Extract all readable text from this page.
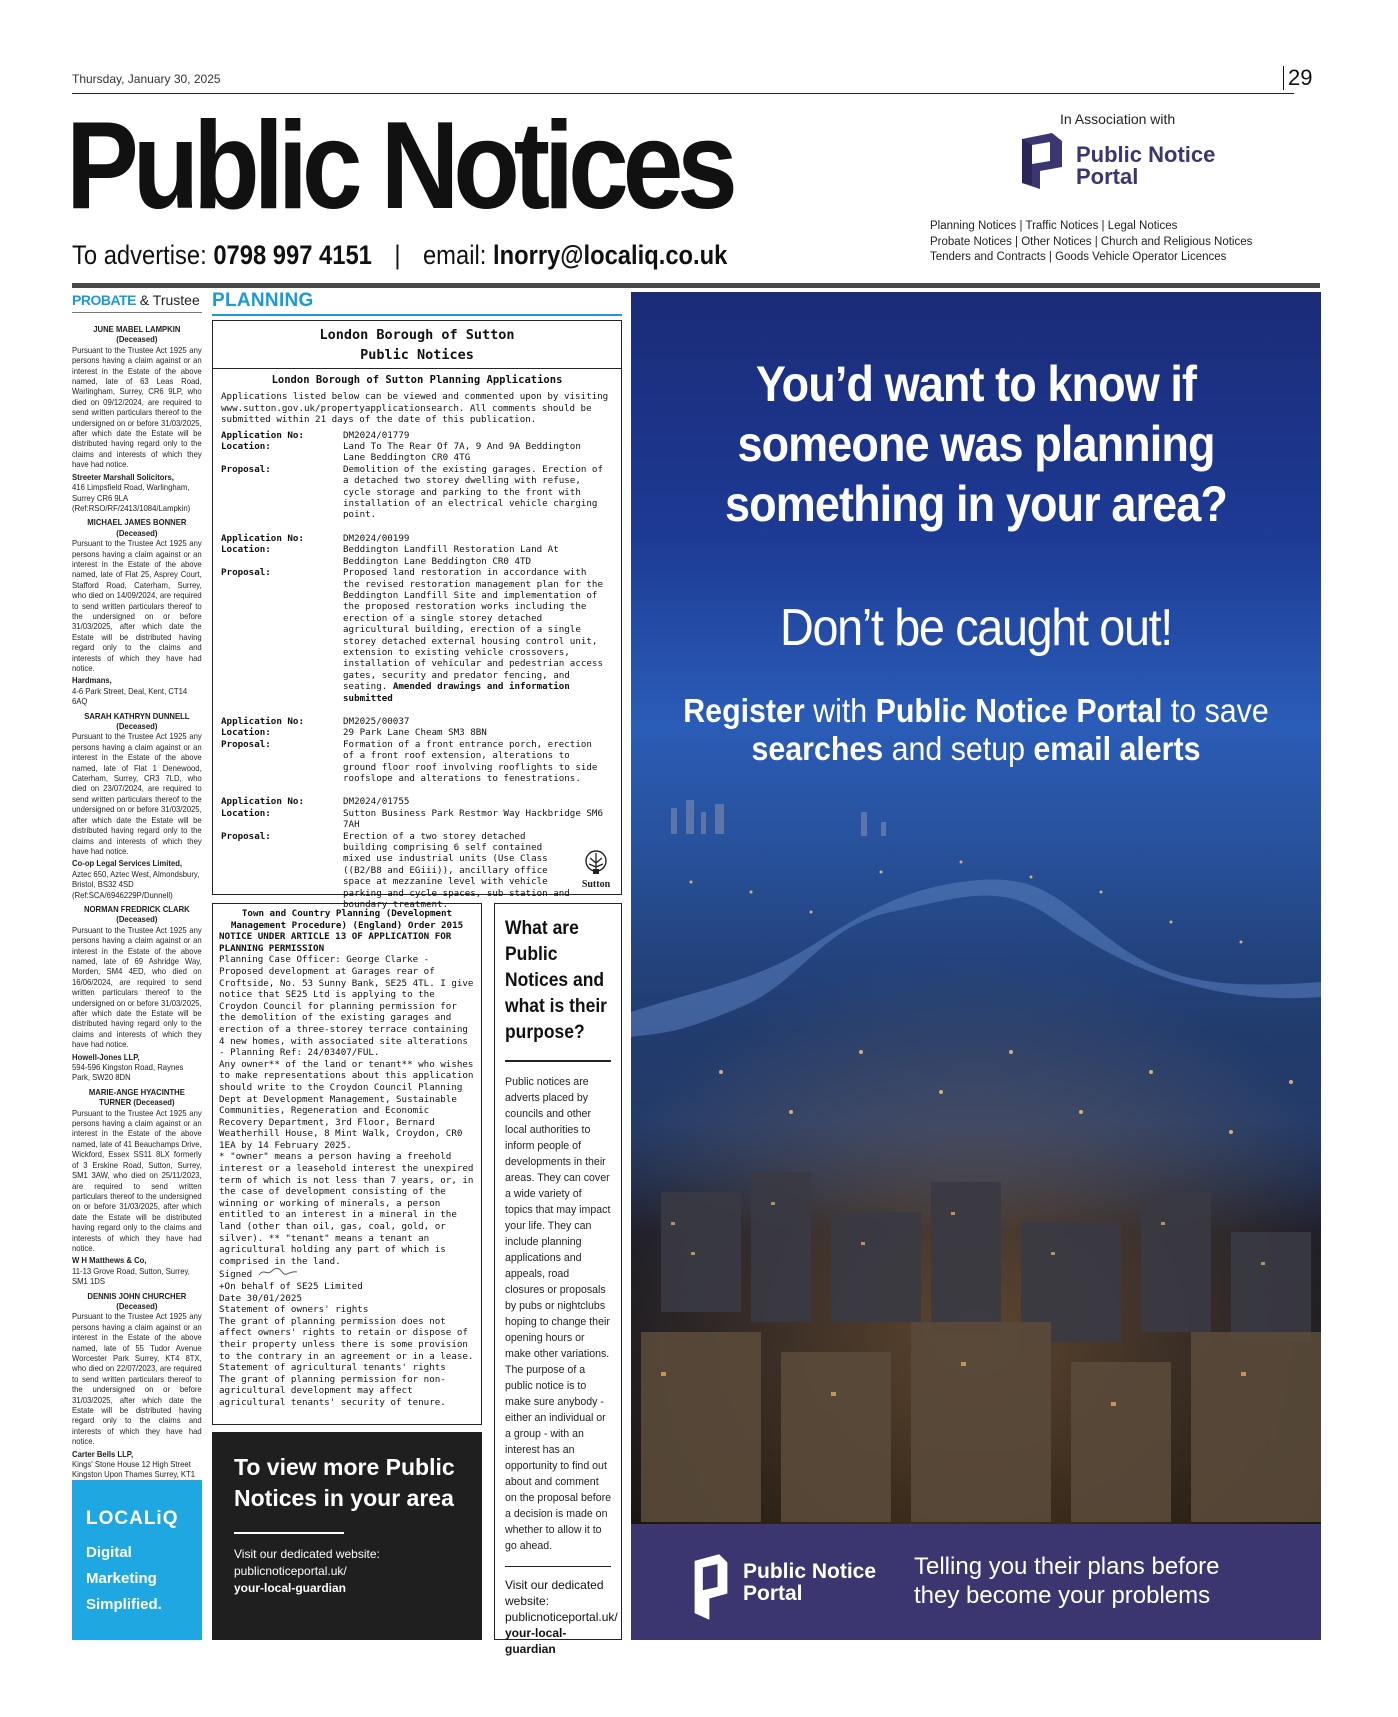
Thursday, January 30, 2025	29
Public Notices
To advertise: 0798 997 4151 | email: lnorry@localiq.co.uk
In Association with
Public Notice
Portal
Planning Notices | Traffic Notices | Legal Notices
Probate Notices | Other Notices | Church and Religious Notices
Tenders and Contracts | Goods Vehicle Operator Licences
PROBATE & Trustee
JUNE MABEL LAMPKIN (Deceased)
Pursuant to the Trustee Act 1925 any persons having a claim against or an interest in the Estate of the above named, late of 63 Leas Road, Warlingham, Surrey, CR6 9LP, who died on 09/12/2024, are required to send written particulars thereof to the undersigned on or before 31/03/2025, after which date the Estate will be distributed having regard only to the claims and interests of which they have had notice.
Streeter Marshall Solicitors,
416 Limpsfield Road, Warlingham, Surrey CR6 9LA (Ref:RSO/RF/2413/1084/Lampkin)
MICHAEL JAMES BONNER (Deceased)
Pursuant to the Trustee Act 1925 any persons having a claim against or an interest in the Estate of the above named, late of Flat 25, Asprey Court, Stafford Road, Caterham, Surrey, who died on 14/09/2024, are required to send written particulars thereof to the undersigned on or before 31/03/2025, after which date the Estate will be distributed having regard only to the claims and interests of which they have had notice.
Hardmans,
4-6 Park Street, Deal, Kent, CT14 6AQ
SARAH KATHRYN DUNNELL (Deceased)
Pursuant to the Trustee Act 1925 any persons having a claim against or an interest in the Estate of the above named, late of Flat 1 Denewood, Caterham, Surrey, CR3 7LD, who died on 23/07/2024, are required to send written particulars thereof to the undersigned on or before 31/03/2025, after which date the Estate will be distributed having regard only to the claims and interests of which they have had notice.
Co-op Legal Services Limited,
Aztec 650, Aztec West, Almondsbury, Bristol, BS32 4SD (Ref:SCA/6946229P/Dunnell)
NORMAN FREDRICK CLARK (Deceased)
Pursuant to the Trustee Act 1925 any persons having a claim against or an interest in the Estate of the above named, late of 69 Ashridge Way, Morden, SM4 4ED, who died on 16/06/2024, are required to send written particulars thereof to the undersigned on or before 31/03/2025, after which date the Estate will be distributed having regard only to the claims and interests of which they have had notice.
Howell-Jones LLP,
594-596 Kingston Road, Raynes Park, SW20 8DN
MARIE-ANGE HYACINTHE TURNER (Deceased)
Pursuant to the Trustee Act 1925 any persons having a claim against or an interest in the Estate of the above named, late of 41 Beauchamps Drive, Wickford, Essex SS11 8LX formerly of 3 Erskine Road, Sutton, Surrey, SM1 3AW, who died on 25/11/2023, are required to send written particulars thereof to the undersigned on or before 31/03/2025, after which date the Estate will be distributed having regard only to the claims and interests of which they have had notice.
W H Matthews & Co,
11-13 Grove Road, Sutton, Surrey, SM1 1DS
DENNIS JOHN CHURCHER (Deceased)
Pursuant to the Trustee Act 1925 any persons having a claim against or an interest in the Estate of the above named, late of 55 Tudor Avenue Worcester Park Surrey, KT4 8TX, who died on 22/07/2023, are required to send written particulars thereof to the undersigned on or before 31/03/2025, after which date the Estate will be distributed having regard only to the claims and interests of which they have had notice.
Carter Bells LLP,
Kings' Stone House 12 High Street Kingston Upon Thames Surrey, KT1
LOCALiQ
Digital
Marketing
Simplified.
PLANNING
London Borough of Sutton
Public Notices
London Borough of Sutton Planning Applications
Applications listed below can be viewed and commented upon by visiting www.sutton.gov.uk/propertyapplicationsearch. All comments should be submitted within 21 days of the date of this publication.
Application No:	DM2024/01779
Location:	Land To The Rear Of 7A, 9 And 9A Beddington Lane Beddington CR0 4TG
Proposal:	Demolition of the existing garages. Erection of a detached two storey dwelling with refuse, cycle storage and parking to the front with installation of an electrical vehicle charging point.
Application No:	DM2024/00199
Location:	Beddington Landfill Restoration Land At Beddington Lane Beddington CR0 4TD
Proposal:	Proposed land restoration in accordance with the revised restoration management plan for the Beddington Landfill Site and implementation of the proposed restoration works including the erection of a single storey detached agricultural building, erection of a single storey detached external housing control unit, extension to existing vehicle crossovers, installation of vehicular and pedestrian access gates, security and predator fencing, and seating. Amended drawings and information submitted
Application No:	DM2025/00037
Location:	29 Park Lane Cheam SM3 8BN
Proposal:	Formation of a front entrance porch, erection of a front roof extension, alterations to ground floor roof involving rooflights to side roofslope and alterations to fenestrations.
Application No:	DM2024/01755
Location:	Sutton Business Park Restmor Way Hackbridge SM6 7AH
Proposal:	Erection of a two storey detached building comprising 6 self contained mixed use industrial units (Use Class ((B2/B8 and EGiii)), ancillary office space at mezzanine level with vehicle parking and cycle spaces, sub station and boundary treatment.
Sutton

Town and Country Planning (Development Management Procedure) (England) Order 2015

NOTICE UNDER ARTICLE 13 OF APPLICATION FOR PLANNING PERMISSION

Planning Case Officer: George Clarke - Proposed development at Garages rear of Croftside, No. 53 Sunny Bank, SE25 4TL. I give notice that SE25 Ltd is applying to the Croydon Council for planning permission for the demolition of the existing garages and erection of a three-storey terrace containing 4 new homes, with associated site alterations - Planning Ref: 24/03407/FUL.

Any owner** of the land or tenant** who wishes to make representations about this application should write to the Croydon Council Planning Dept at Development Management, Sustainable Communities, Regeneration and Economic Recovery Department, 3rd Floor, Bernard Weatherhill House, 8 Mint Walk, Croydon, CR0 1EA by 14 February 2025.

* "owner" means a person having a freehold interest or a leasehold interest the unexpired term of which is not less than 7 years, or, in the case of development consisting of the winning or working of minerals, a person entitled to an interest in a mineral in the land (other than oil, gas, coal, gold, or silver). ** "tenant" means a tenant an agricultural holding any part of which is comprised in the land.

Signed

+On behalf of SE25 Limited

Date 30/01/2025

Statement of owners' rights

The grant of planning permission does not affect owners' rights to retain or dispose of their property unless there is some provision to the contrary in an agreement or in a lease.

Statement of agricultural tenants' rights

The grant of planning permission for non-agricultural development may affect agricultural tenants' security of tenure.

What are Public Notices and what is their purpose?
Public notices are adverts placed by councils and other local authorities to inform people of developments in their areas. They can cover a wide variety of topics that may impact your life. They can include planning applications and appeals, road closures or proposals by pubs or nightclubs hoping to change their opening hours or make other variations. The purpose of a public notice is to make sure anybody - either an individual or a group - with an interest has an opportunity to find out about and comment on the proposal before a decision is made on whether to allow it to go ahead.
Visit our dedicated website:
publicnoticeportal.uk/
your-local-guardian
To view more Public Notices in your area
Visit our dedicated website:
publicnoticeportal.uk/
your-local-guardian
You’d want to know if someone was planning something in your area?
Don’t be caught out!
Register with Public Notice Portal to save searches and setup email alerts
Public Notice
Portal
Telling you their plans before
they become your problems
